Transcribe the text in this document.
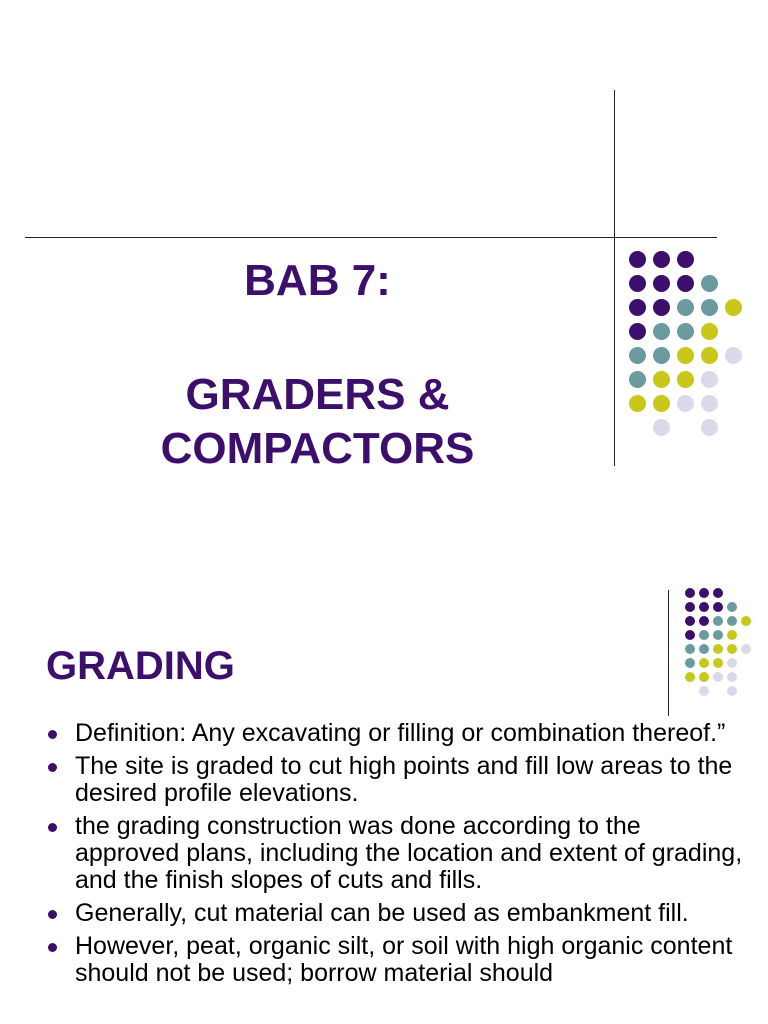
BAB 7:
GRADERS &
COMPACTORS
GRADING
Definition: Any excavating or filling or combination thereof.”
The site is graded to cut high points and fill low areas to the desired profile elevations.
the grading construction was done according to the approved plans, including the location and extent of grading, and the finish slopes of cuts and fills.
Generally, cut material can be used as embankment fill.
However, peat, organic silt, or soil with high organic content should not be used; borrow material should
